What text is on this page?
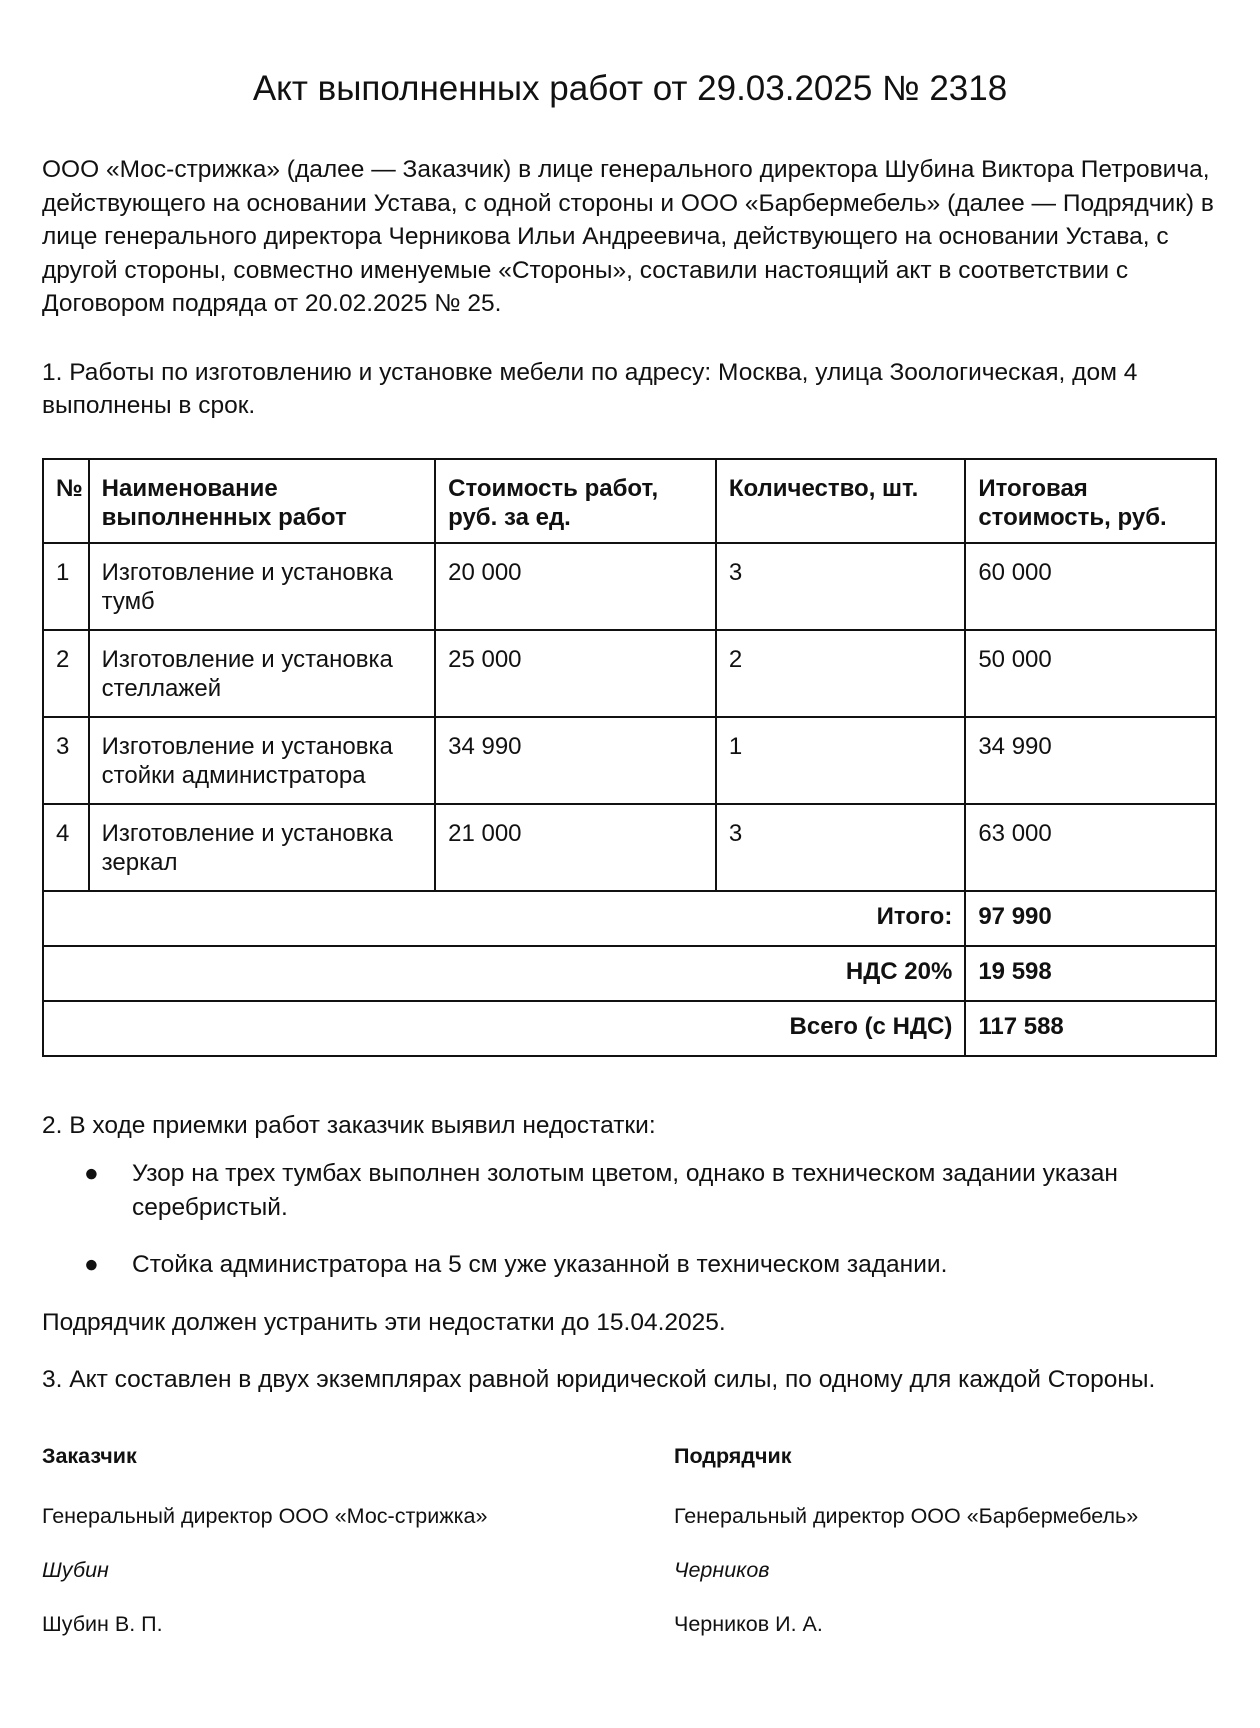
Акт выполненных работ от 29.03.2025 № 2318

ООО «Мос-стрижка» (далее — Заказчик) в лице генерального директора Шубина Виктора Петровича, действующего на основании Устава, с одной стороны и ООО «Барбермебель» (далее — Подрядчик) в лице генерального директора Черникова Ильи Андреевича, действующего на основании Устава, с другой стороны, совместно именуемые «Стороны», составили настоящий акт в соответствии с Договором подряда от 20.02.2025 № 25.

1. Работы по изготовлению и установке мебели по адресу: Москва, улица Зоологическая, дом 4 выполнены в срок.

№	Наименование выполненных работ	Стоимость работ, руб. за ед.	Количество, шт.	Итоговая стоимость, руб.
1	Изготовление и установка тумб	20 000	3	60 000
2	Изготовление и установка стеллажей	25 000	2	50 000
3	Изготовление и установка стойки администратора	34 990	1	34 990
4	Изготовление и установка зеркал	21 000	3	63 000
Итого:				97 990
НДС 20%				19 598
Всего (с НДС)				117 588

2. В ходе приемки работ заказчик выявил недостатки:

● Узор на трех тумбах выполнен золотым цветом, однако в техническом задании указан серебристый.
● Стойка администратора на 5 см уже указанной в техническом задании.

Подрядчик должен устранить эти недостатки до 15.04.2025.

3. Акт составлен в двух экземплярах равной юридической силы, по одному для каждой Стороны.

Заказчик

Генеральный директор ООО «Мос-стрижка»

Шубин

Шубин В. П.

Подрядчик

Генеральный директор ООО «Барбермебель»

Черников

Черников И. А.
